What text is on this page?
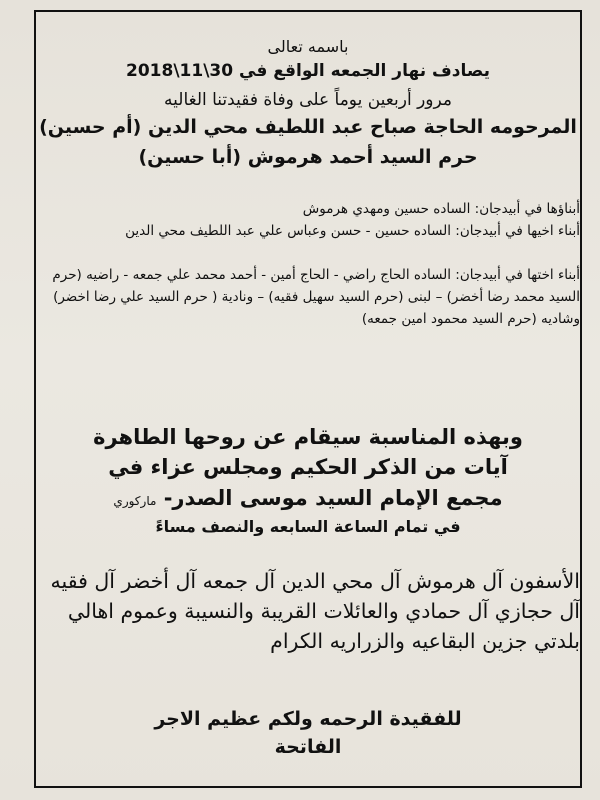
باسمه تعالى
يصادف نهار الجمعه الواقع في 30\11\2018
مرور أربعين يوماً على وفاة فقيدتنا الغاليه
المرحومه الحاجة صباح عبد اللطيف محي الدين (أم حسين)
حرم السيد أحمد هرموش (أبا حسين)
أبناؤها في أبيدجان: الساده حسين ومهدي هرموش
أبناء اخيها في أبيدجان: الساده حسين - حسن وعباس علي عبد اللطيف محي الدين
أبناء اختها في أبيدجان: الساده الحاج راضي - الحاج أمين - أحمد محمد علي جمعه - راضيه (حرم السيد محمد رضا أخضر) – لبنى (حرم السيد سهيل فقيه) – ونادية ( حرم السيد علي رضا اخضر) وشاديه (حرم السيد محمود امين جمعه)
وبهذه المناسبة سيقام عن روحها الطاهرة
آيات من الذكر الحكيم ومجلس عزاء في
مجمع الإمام السيد موسى الصدر- ماركوري
في تمام الساعة السابعه والنصف مساءً
الأسفون آل هرموش آل محي الدين آل جمعه آل أخضر آل فقيه آل حجازي آل حمادي والعائلات القريبة والنسيبة وعموم اهالي بلدتي جزين البقاعيه والزراريه الكرام
للفقيدة الرحمه ولكم عظيم الاجر
الفاتحة
